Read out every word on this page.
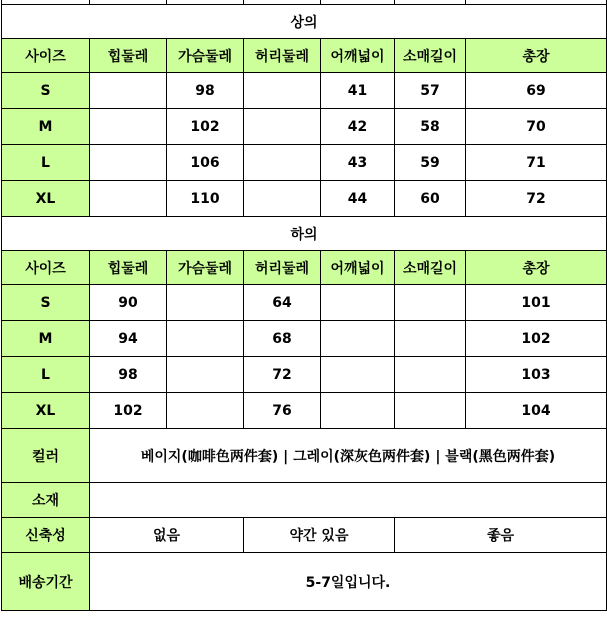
상의						
사이즈	힙둘레	가슴둘레	허리둘레	어깨넓이	소매길이	총장
S		98		41	57	69
M		102		42	58	70
L		106		43	59	71
XL		110		44	60	72
하의						
사이즈	힙둘레	가슴둘레	허리둘레	어깨넓이	소매길이	총장
S	90		64			101
M	94		68			102
L	98		72			103
XL	102		76			104
컬러	베이지(咖啡色两件套) | 그레이(深灰色两件套) | 블랙(黑色两件套)					
소재						
신축성	없음		약간 있음		좋음	
배송기간	5-7일입니다.					
